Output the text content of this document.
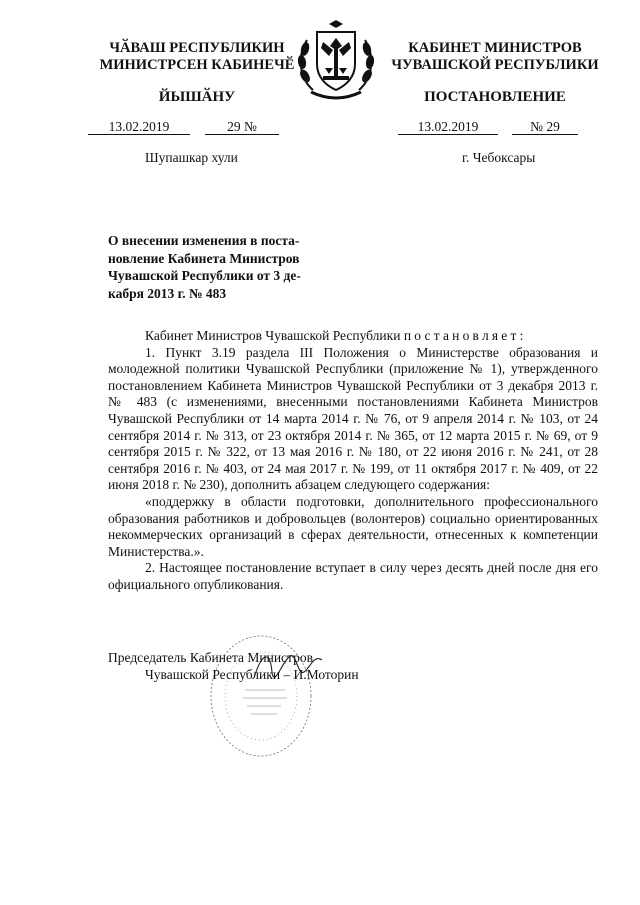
ЧӐВАШ РЕСПУБЛИКИН
МИНИСТРСЕН КАБИНЕЧӖ
ЙЫШӐНУ
КАБИНЕТ МИНИСТРОВ
ЧУВАШСКОЙ РЕСПУБЛИКИ
ПОСТАНОВЛЕНИЕ
13.02.2019	29 №	13.02.2019	№ 29
Шупашкар хули	г. Чебоксары
О внесении изменения в поста-
новление Кабинета Министров
Чувашской Республики от 3 де-
кабря 2013 г. № 483

Кабинет Министров Чувашской Республики постановляет:

1. Пункт 3.19 раздела III Положения о Министерстве образования и молодежной политики Чувашской Республики (приложение № 1), утвержденного постановлением Кабинета Министров Чувашской Республики от 3 декабря 2013 г. № 483 (с изменениями, внесенными постановлениями Кабинета Министров Чувашской Республики от 14 марта 2014 г. № 76, от 9 апреля 2014 г. № 103, от 24 сентября 2014 г. № 313, от 23 октября 2014 г. № 365, от 12 марта 2015 г. № 69, от 9 сентября 2015 г. № 322, от 13 мая 2016 г. № 180, от 22 июня 2016 г. № 241, от 28 сентября 2016 г. № 403, от 24 мая 2017 г. № 199, от 11 октября 2017 г. № 409, от 22 июня 2018 г. № 230), дополнить абзацем следующего содержания:

«поддержку в области подготовки, дополнительного профессионального образования работников и добровольцев (волонтеров) социально ориентированных некоммерческих организаций в сферах деятельности, отнесенных к компетенции Министерства.».

2. Настоящее постановление вступает в силу через десять дней после дня его официального опубликования.

Председатель Кабинета Министров
Чувашской Республики – И.Моторин
